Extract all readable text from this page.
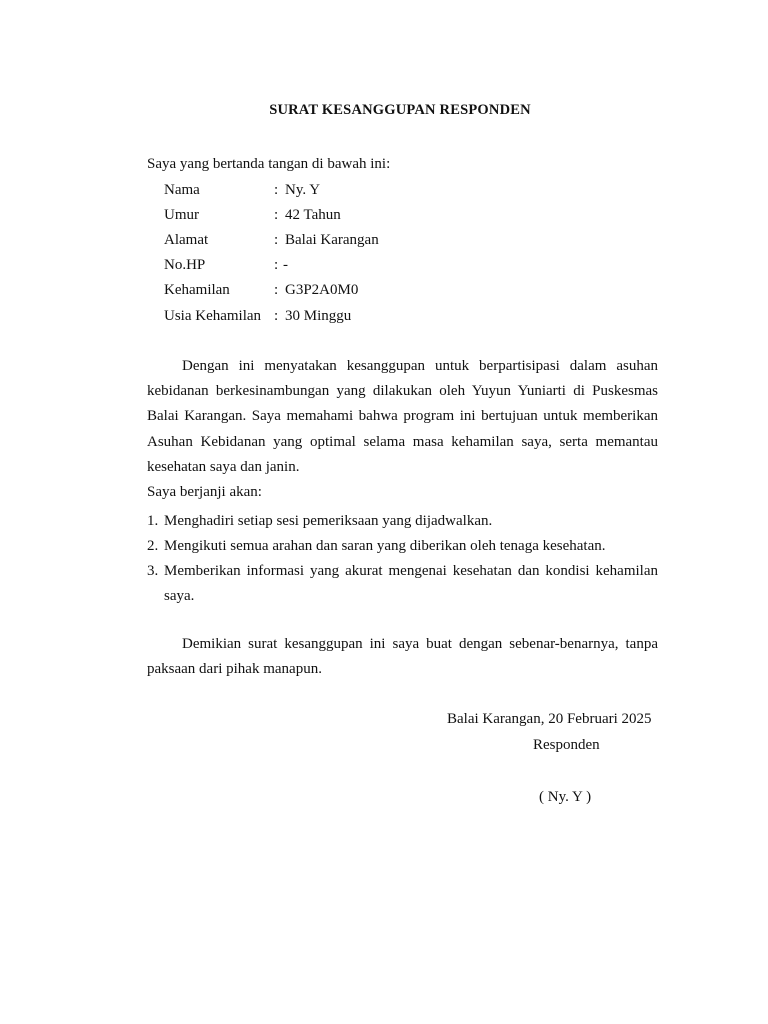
SURAT KESANGGUPAN RESPONDEN
Saya yang bertanda tangan di bawah ini:
Nama	: Ny. Y
Umur	: 42 Tahun
Alamat	: Balai Karangan
No.HP	: -
Kehamilan	: G3P2A0M0
Usia Kehamilan : 30 Minggu
Dengan ini menyatakan kesanggupan untuk berpartisipasi dalam asuhan
kebidanan berkesinambungan yang dilakukan oleh Yuyun Yuniarti di Puskesmas
Balai Karangan. Saya memahami bahwa program ini bertujuan untuk memberikan
Asuhan Kebidanan yang optimal selama masa kehamilan saya, serta memantau
kesehatan saya dan janin.
Saya berjanji akan:
1. Menghadiri setiap sesi pemeriksaan yang dijadwalkan.
2. Mengikuti semua arahan dan saran yang diberikan oleh tenaga kesehatan.
3. Memberikan informasi yang akurat mengenai kesehatan dan kondisi kehamilan
saya.
Demikian surat kesanggupan ini saya buat dengan sebenar-benarnya, tanpa
paksaan dari pihak manapun.
Balai Karangan, 20 Februari 2025
Responden
( Ny. Y )
